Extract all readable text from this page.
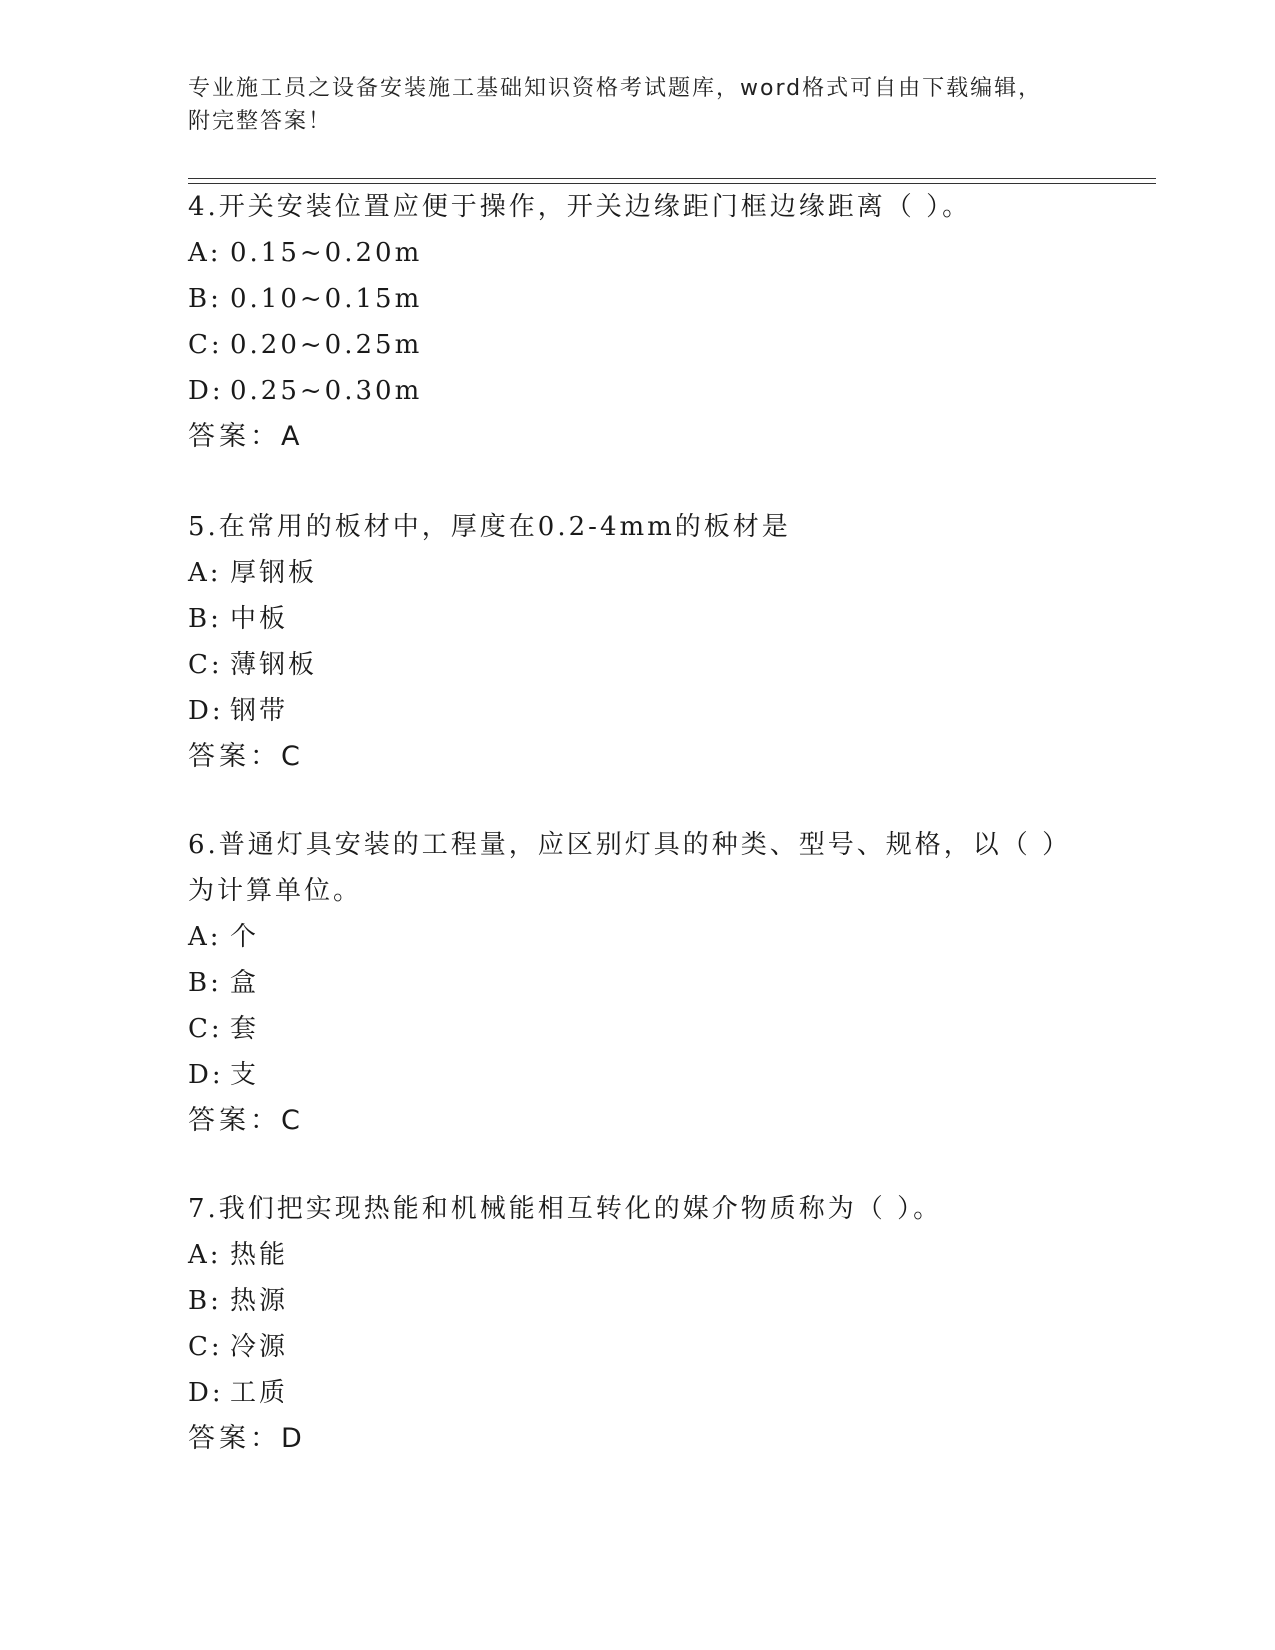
专业施工员之设备安装施工基础知识资格考试题库，word格式可自由下载编辑，
附完整答案！
4.开关安装位置应便于操作，开关边缘距门框边缘距离（ ）。
A: 0.15~0.20m
B: 0.10~0.15m
C: 0.20~0.25m
D: 0.25~0.30m
答案：A
5.在常用的板材中，厚度在0.2-4mm的板材是
A: 厚钢板
B: 中板
C: 薄钢板
D: 钢带
答案：C
6.普通灯具安装的工程量，应区别灯具的种类、型号、规格，以（ ）
为计算单位。
A: 个
B: 盒
C: 套
D: 支
答案：C
7.我们把实现热能和机械能相互转化的媒介物质称为（ ）。
A: 热能
B: 热源
C: 冷源
D: 工质
答案：D
